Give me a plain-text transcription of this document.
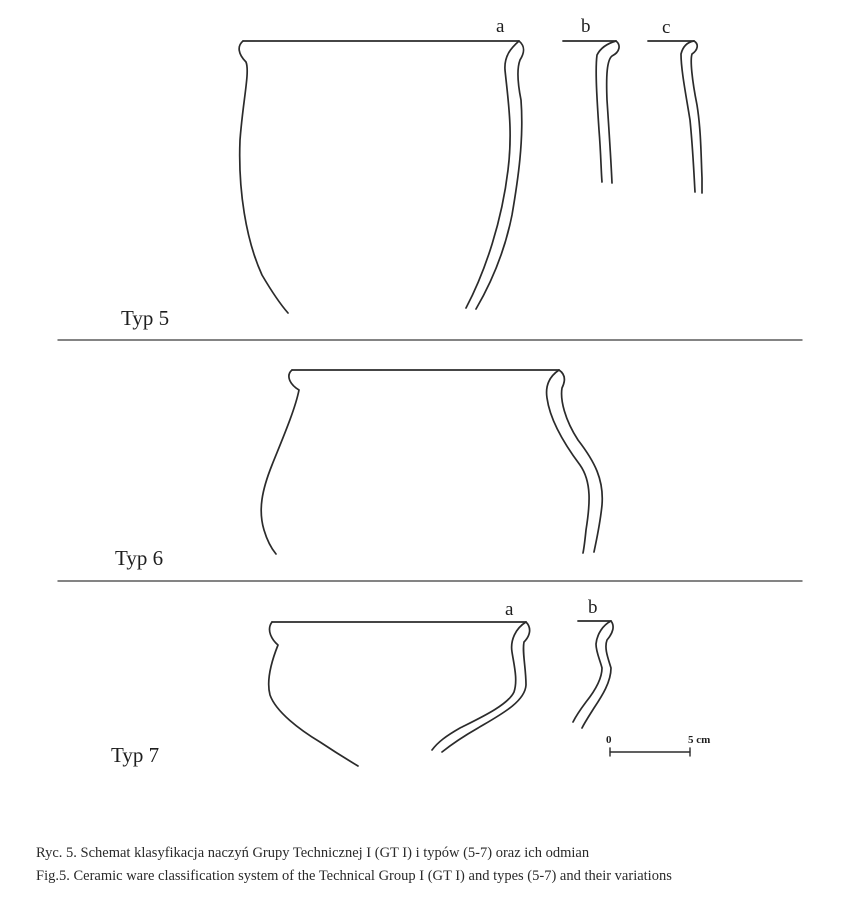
Typ 5
Typ 6
Typ 7
a	b	c
a	b
0	5 cm
Ryc. 5. Schemat klasyfikacja naczyń Grupy Technicznej I (GT I) i typów (5-7) oraz ich odmian
Fig.5. Ceramic ware classification system of the Technical Group I (GT I) and types (5-7) and their variations
